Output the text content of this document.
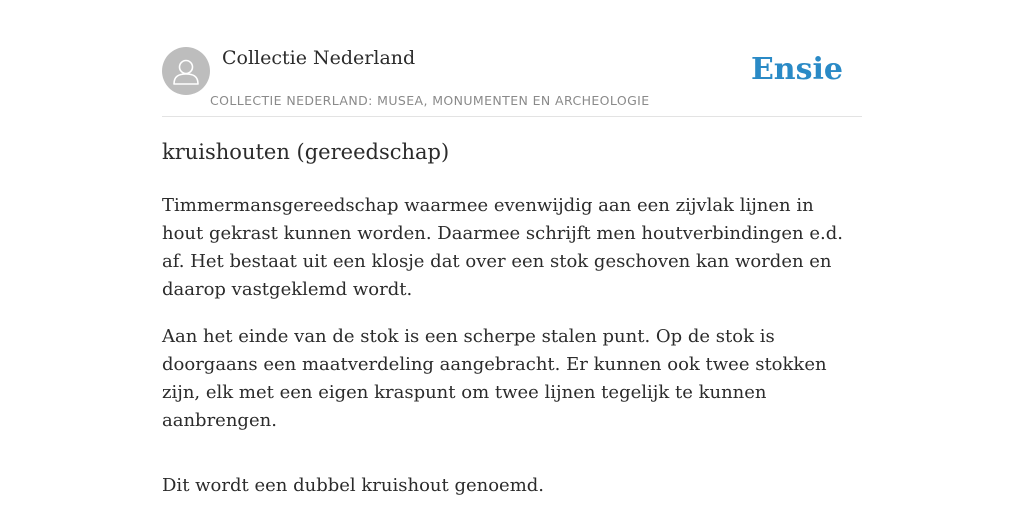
Collectie Nederland
COLLECTIE NEDERLAND: MUSEA, MONUMENTEN EN ARCHEOLOGIE
Ensie
kruishouten (gereedschap)

Timmermansgereedschap waarmee evenwijdig aan een zijvlak lijnen in hout gekrast kunnen worden. Daarmee schrijft men houtverbindingen e.d. af. Het bestaat uit een klosje dat over een stok geschoven kan worden en daarop vastgeklemd wordt.

Aan het einde van de stok is een scherpe stalen punt. Op de stok is doorgaans een maatverdeling aangebracht. Er kunnen ook twee stokken zijn, elk met een eigen kraspunt om twee lijnen tegelijk te kunnen aanbrengen.

Dit wordt een dubbel kruishout genoemd.
